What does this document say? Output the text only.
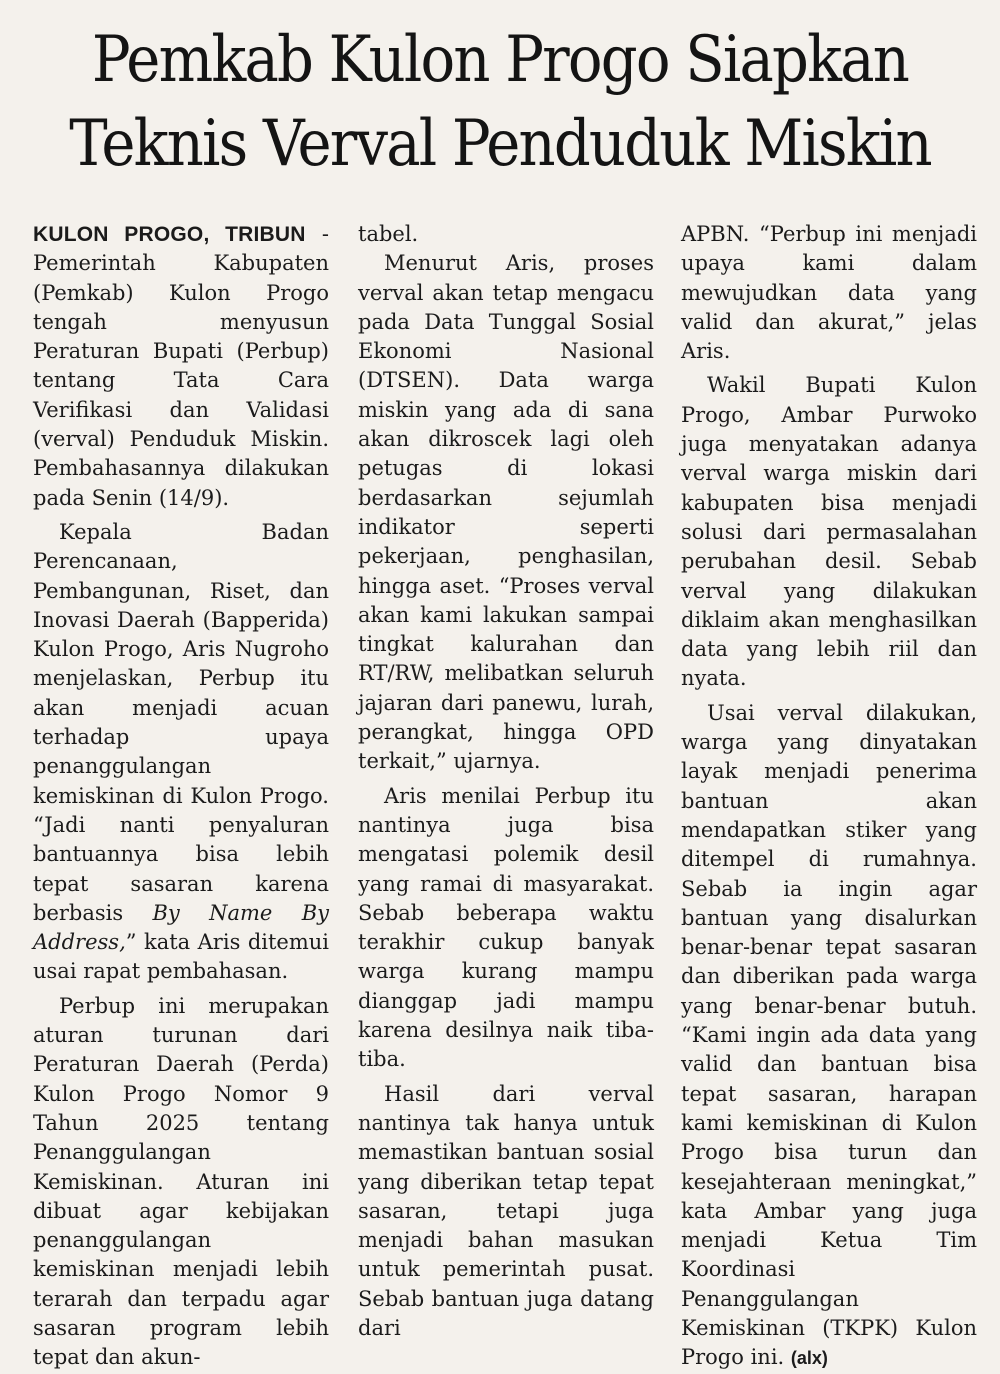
Pemkab Kulon Progo Siapkan
Teknis Verval Penduduk Miskin

KULON PROGO, TRIBUN - Pemerintah Kabupaten (Pemkab) Kulon Progo tengah menyusun Peraturan Bupati (Perbup) tentang Tata Cara Verifikasi dan Validasi (verval) Penduduk Miskin. Pembahasannya dilakukan pada Senin (14/9).

Kepala Badan Perencanaan, Pembangunan, Riset, dan Inovasi Daerah (Bapperida) Kulon Progo, Aris Nugroho menjelaskan, Perbup itu akan menjadi acuan terhadap upaya penanggulangan kemiskinan di Kulon Progo. “Jadi nanti penyaluran bantuannya bisa lebih tepat sasaran karena berbasis By Name By Address,” kata Aris ditemui usai rapat pembahasan.

Perbup ini merupakan aturan turunan dari Peraturan Daerah (Perda) Kulon Progo Nomor 9 Tahun 2025 tentang Penanggulangan Kemiskinan. Aturan ini dibuat agar kebijakan penanggulangan kemiskinan menjadi lebih terarah dan terpadu agar sasaran program lebih tepat dan akun-

tabel.

Menurut Aris, proses verval akan tetap mengacu pada Data Tunggal Sosial Ekonomi Nasional (DTSEN). Data warga miskin yang ada di sana akan dikroscek lagi oleh petugas di lokasi berdasarkan sejumlah indikator seperti pekerjaan, penghasilan, hingga aset. “Proses verval akan kami lakukan sampai tingkat kalurahan dan RT/RW, melibatkan seluruh jajaran dari panewu, lurah, perangkat, hingga OPD terkait,” ujarnya.

Aris menilai Perbup itu nantinya juga bisa mengatasi polemik desil yang ramai di masyarakat. Sebab beberapa waktu terakhir cukup banyak warga kurang mampu dianggap jadi mampu karena desilnya naik tiba-tiba.

Hasil dari verval nantinya tak hanya untuk memastikan bantuan sosial yang diberikan tetap tepat sasaran, tetapi juga menjadi bahan masukan untuk pemerintah pusat. Sebab bantuan juga datang dari

APBN. “Perbup ini menjadi upaya kami dalam mewujudkan data yang valid dan akurat,” jelas Aris.

Wakil Bupati Kulon Progo, Ambar Purwoko juga menyatakan adanya verval warga miskin dari kabupaten bisa menjadi solusi dari permasalahan perubahan desil. Sebab verval yang dilakukan diklaim akan menghasilkan data yang lebih riil dan nyata.

Usai verval dilakukan, warga yang dinyatakan layak menjadi penerima bantuan akan mendapatkan stiker yang ditempel di rumahnya. Sebab ia ingin agar bantuan yang disalurkan benar-benar tepat sasaran dan diberikan pada warga yang benar-benar butuh. “Kami ingin ada data yang valid dan bantuan bisa tepat sasaran, harapan kami kemiskinan di Kulon Progo bisa turun dan kesejahteraan meningkat,” kata Ambar yang juga menjadi Ketua Tim Koordinasi Penanggulangan Kemiskinan (TKPK) Kulon Progo ini. (alx)
